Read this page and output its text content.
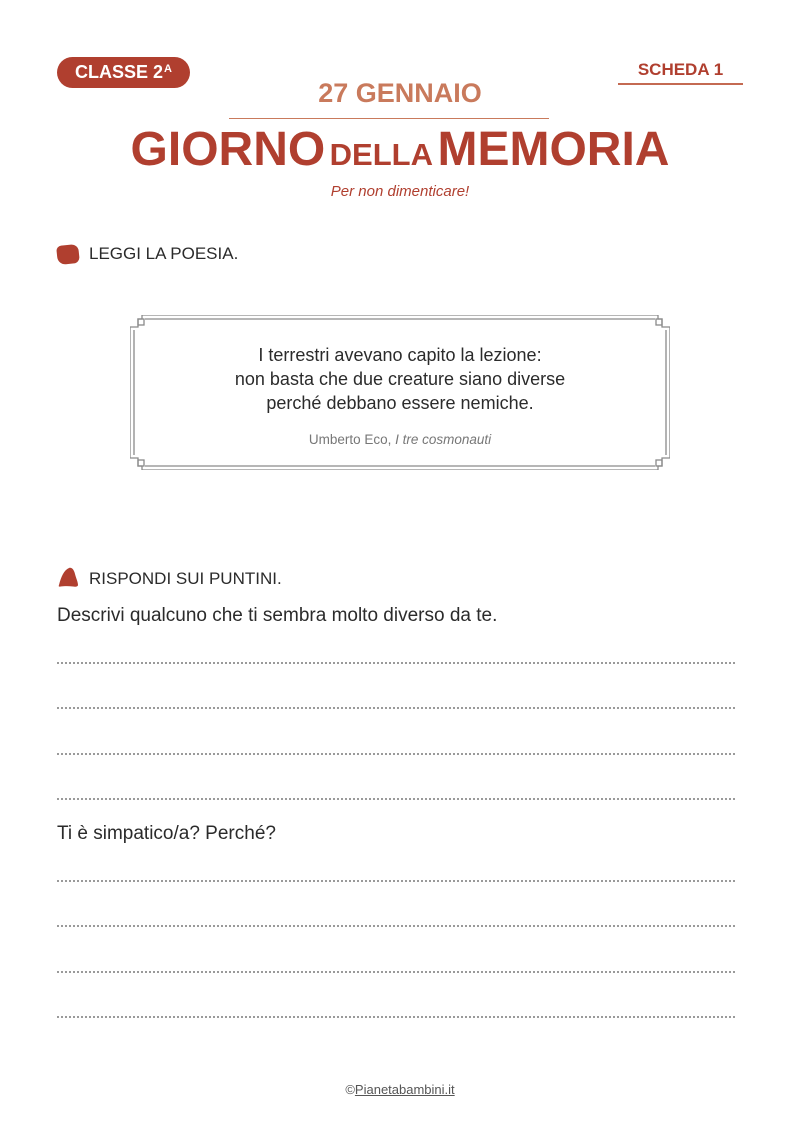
CLASSE $2^A$	SCHEDA 1
27 GENNAIO
GIORNO DELLA MEMORIA
Per non dimenticare!
LEGGI LA POESIA.
I terrestri avevano capito la lezione:
non basta che due creature siano diverse
perché debbano essere nemiche.
Umberto Eco, I tre cosmonauti
RISPONDI SUI PUNTINI.
Descrivi qualcuno che ti sembra molto diverso da te.
Ti è simpatico/a? Perché?
©Pianetabambini.it
